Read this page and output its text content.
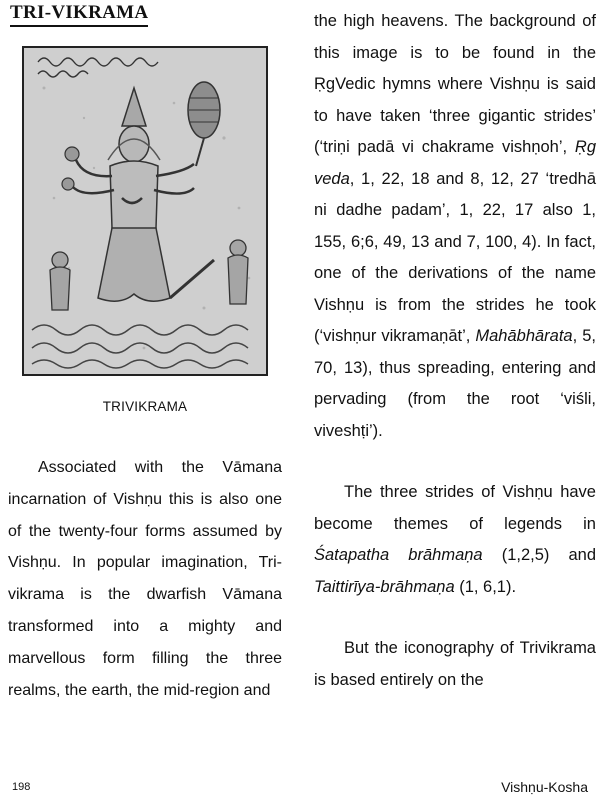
TRI-VIKRAMA
TRIVIKRAMA

Associated with the Vāmana incarnation of Vishṇu this is also one of the twenty-four forms assumed by Vishṇu. In popular imagination, Tri-vikrama is the dwarfish Vāmana transformed into a mighty and marvellous form filling the three realms, the earth, the mid-region and

the high heavens. The background of this image is to be found in the ṚgVedic hymns where Vishṇu is said to have taken ‘three gigantic strides’ (‘triṇi padā vi chakrame vishṇoh’, Ṛg veda, 1, 22, 18 and 8, 12, 27 ‘tredhā ni dadhe padam’, 1, 22, 17 also 1, 155, 6;6, 49, 13 and 7, 100, 4). In fact, one of the derivations of the name Vishṇu is from the strides he took (‘vishṇur vikramaṇāt’, Mahābhārata, 5, 70, 13), thus spreading, entering and pervading (from the root ‘viśli, viveshṭi’).

The three strides of Vishṇu have become themes of legends in Śatapatha brāhmaṇa (1,2,5) and Taittirīya-brāhmaṇa (1, 6,1).

But the iconography of Trivikrama is based entirely on the

198	Vishṇu-Kosha
